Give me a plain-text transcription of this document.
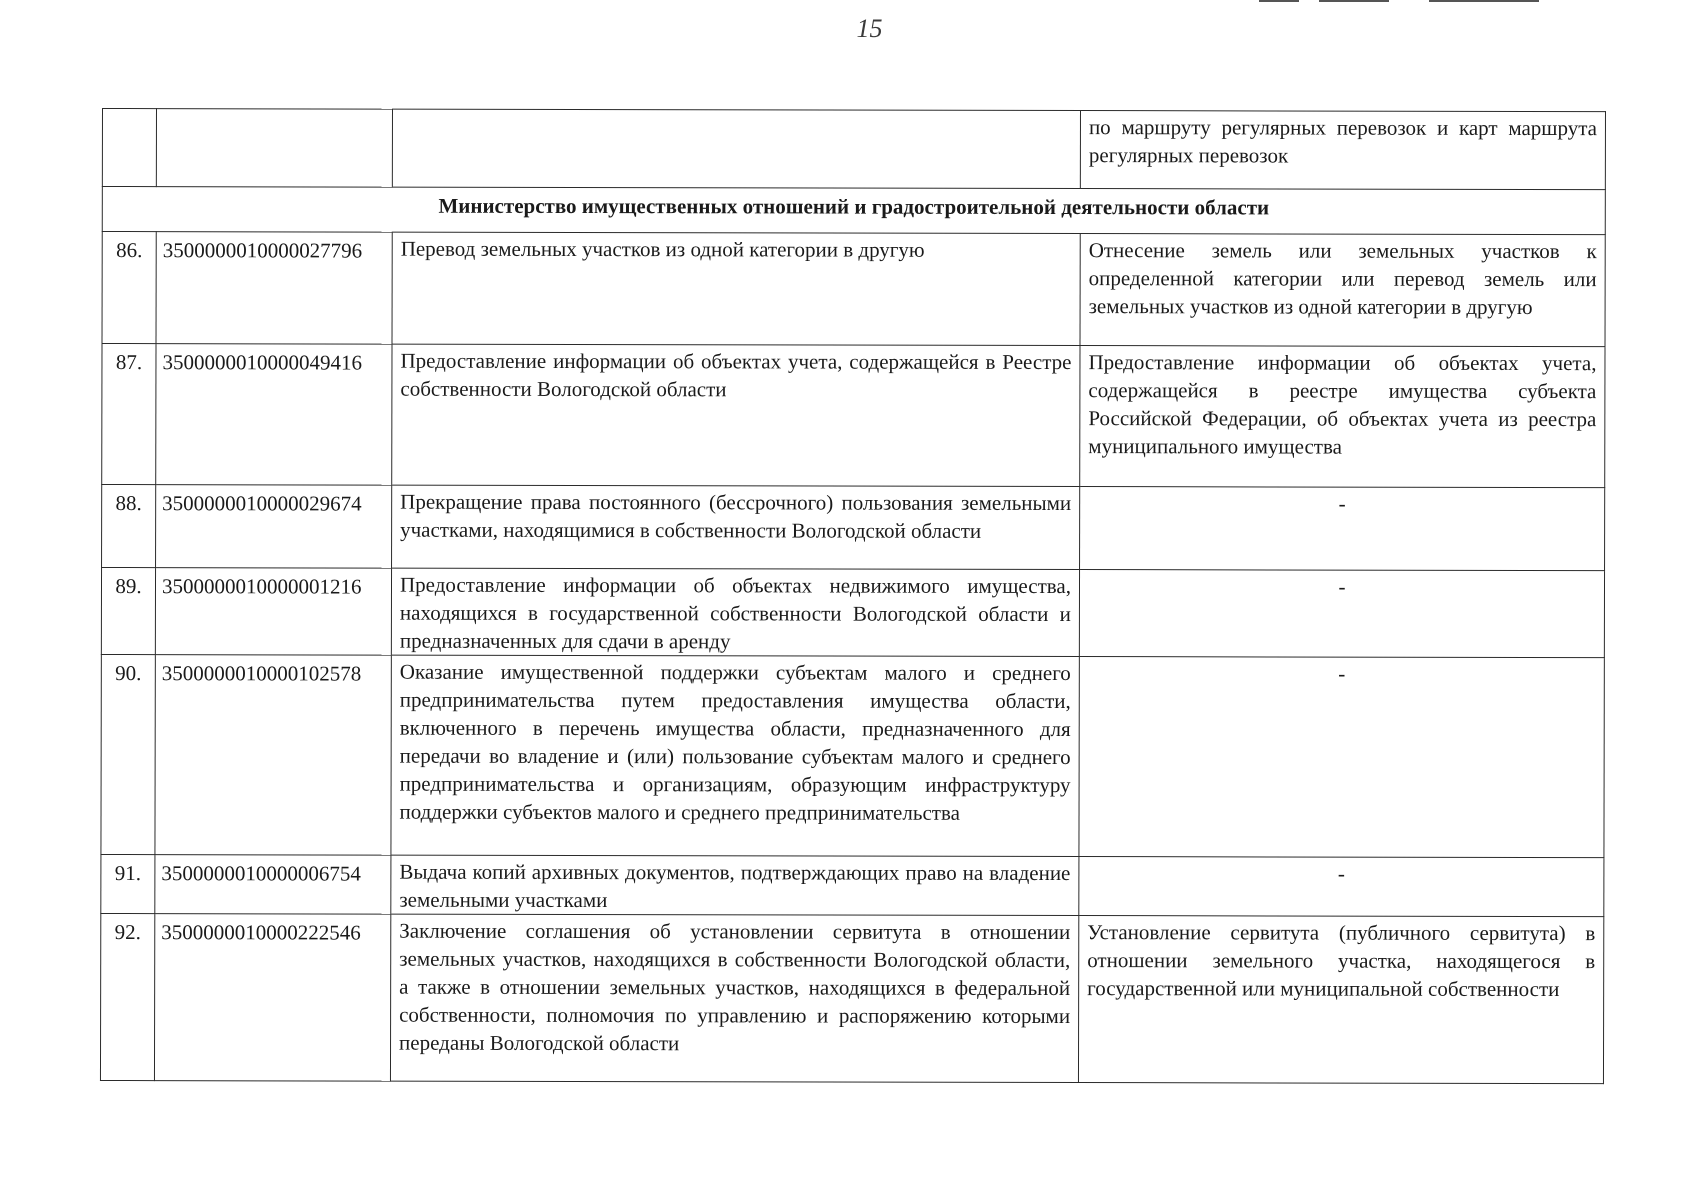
15
			по маршруту регулярных перевозок и карт маршрута регулярных перевозок
Министерство имущественных отношений и градостроительной деятельности области			
86.	3500000010000027796	Перевод земельных участков из одной категории в другую	Отнесение земель или земельных участков к определенной категории или перевод земель или земельных участков из одной категории в другую
87.	3500000010000049416	Предоставление информации об объектах учета, содержащейся в Реестре собственности Вологодской области	Предоставление информации об объектах учета, содержащейся в реестре имущества субъекта Российской Федерации, об объектах учета из реестра муниципального имущества
88.	3500000010000029674	Прекращение права постоянного (бессрочного) пользования земельными участками, находящимися в собственности Вологодской области	-
89.	3500000010000001216	Предоставление информации об объектах недвижимого имущества, находящихся в государственной собственности Вологодской области и предназначенных для сдачи в аренду	-
90.	3500000010000102578	Оказание имущественной поддержки субъектам малого и среднего предпринимательства путем предоставления имущества области, включенного в перечень имущества области, предназначенного для передачи во владение и (или) пользование субъектам малого и среднего предпринимательства и организациям, образующим инфраструктуру поддержки субъектов малого и среднего предпринимательства	-
91.	3500000010000006754	Выдача копий архивных документов, подтверждающих право на владение земельными участками	-
92.	3500000010000222546	Заключение соглашения об установлении сервитута в отношении земельных участков, находящихся в собственности Вологодской области, а также в отношении земельных участков, находящихся в федеральной собственности, полномочия по управлению и распоряжению которыми переданы Вологодской области	Установление сервитута (публичного сервитута) в отношении земельного участка, находящегося в государственной или муниципальной собственности
